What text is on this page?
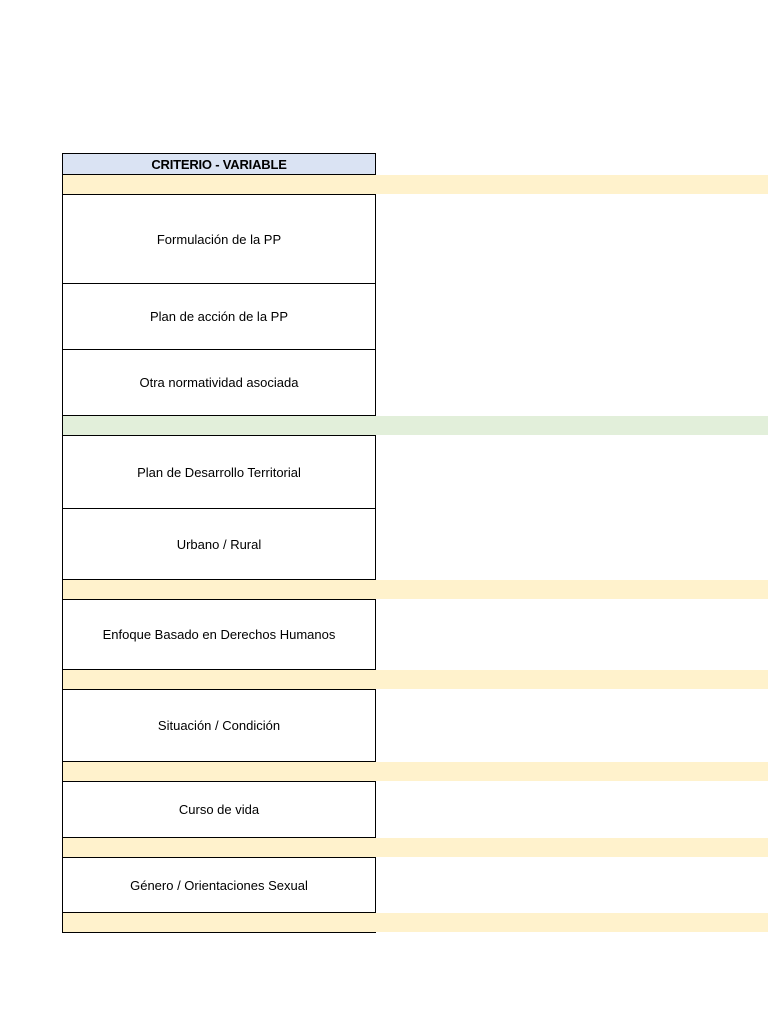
CRITERIO - VARIABLE
Formulación de la PP
Plan de acción de la PP
Otra normatividad asociada
Plan de Desarrollo Territorial
Urbano / Rural
Enfoque Basado en Derechos Humanos
Situación / Condición
Curso de vida
Género / Orientaciones Sexual
